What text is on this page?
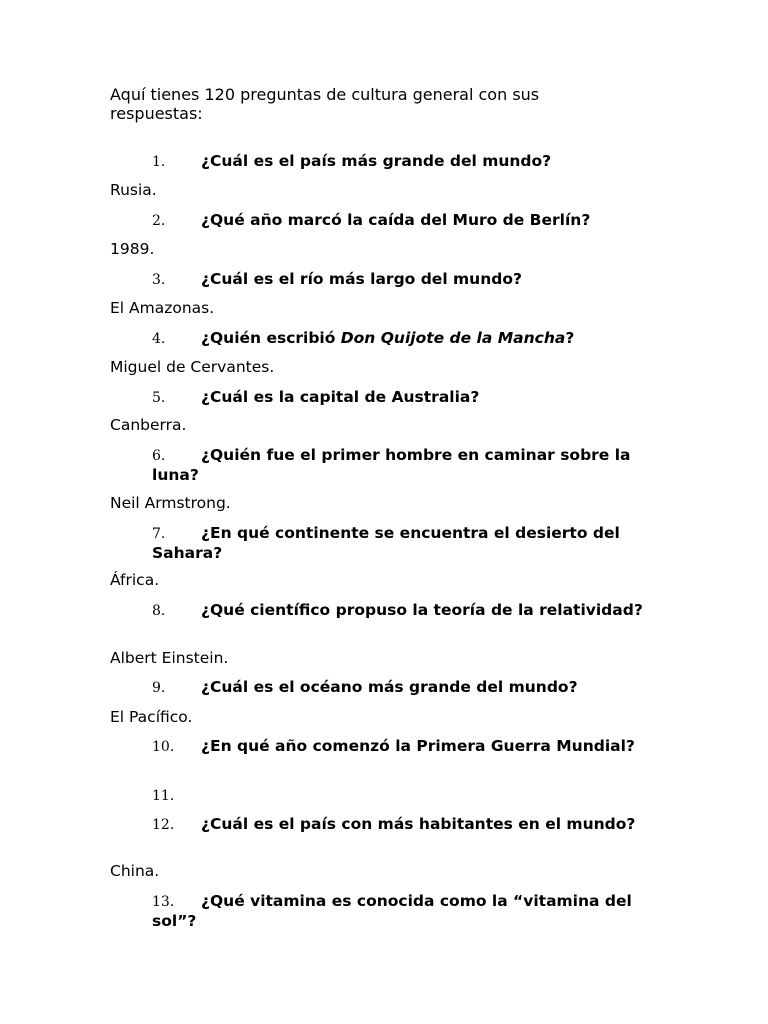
Aquí tienes 120 preguntas de cultura general con sus respuestas:
1. ¿Cuál es el país más grande del mundo?
Rusia.
2. ¿Qué año marcó la caída del Muro de Berlín?
1989.
3. ¿Cuál es el río más largo del mundo?
El Amazonas.
4. ¿Quién escribió Don Quijote de la Mancha?
Miguel de Cervantes.
5. ¿Cuál es la capital de Australia?
Canberra.
6. ¿Quién fue el primer hombre en caminar sobre la luna?
Neil Armstrong.
7. ¿En qué continente se encuentra el desierto del Sahara?
África.
8. ¿Qué científico propuso la teoría de la relatividad?
Albert Einstein.
9. ¿Cuál es el océano más grande del mundo?
El Pacífico.
10. ¿En qué año comenzó la Primera Guerra Mundial?
11.
12. ¿Cuál es el país con más habitantes en el mundo?
China.
13. ¿Qué vitamina es conocida como la “vitamina del sol”?
